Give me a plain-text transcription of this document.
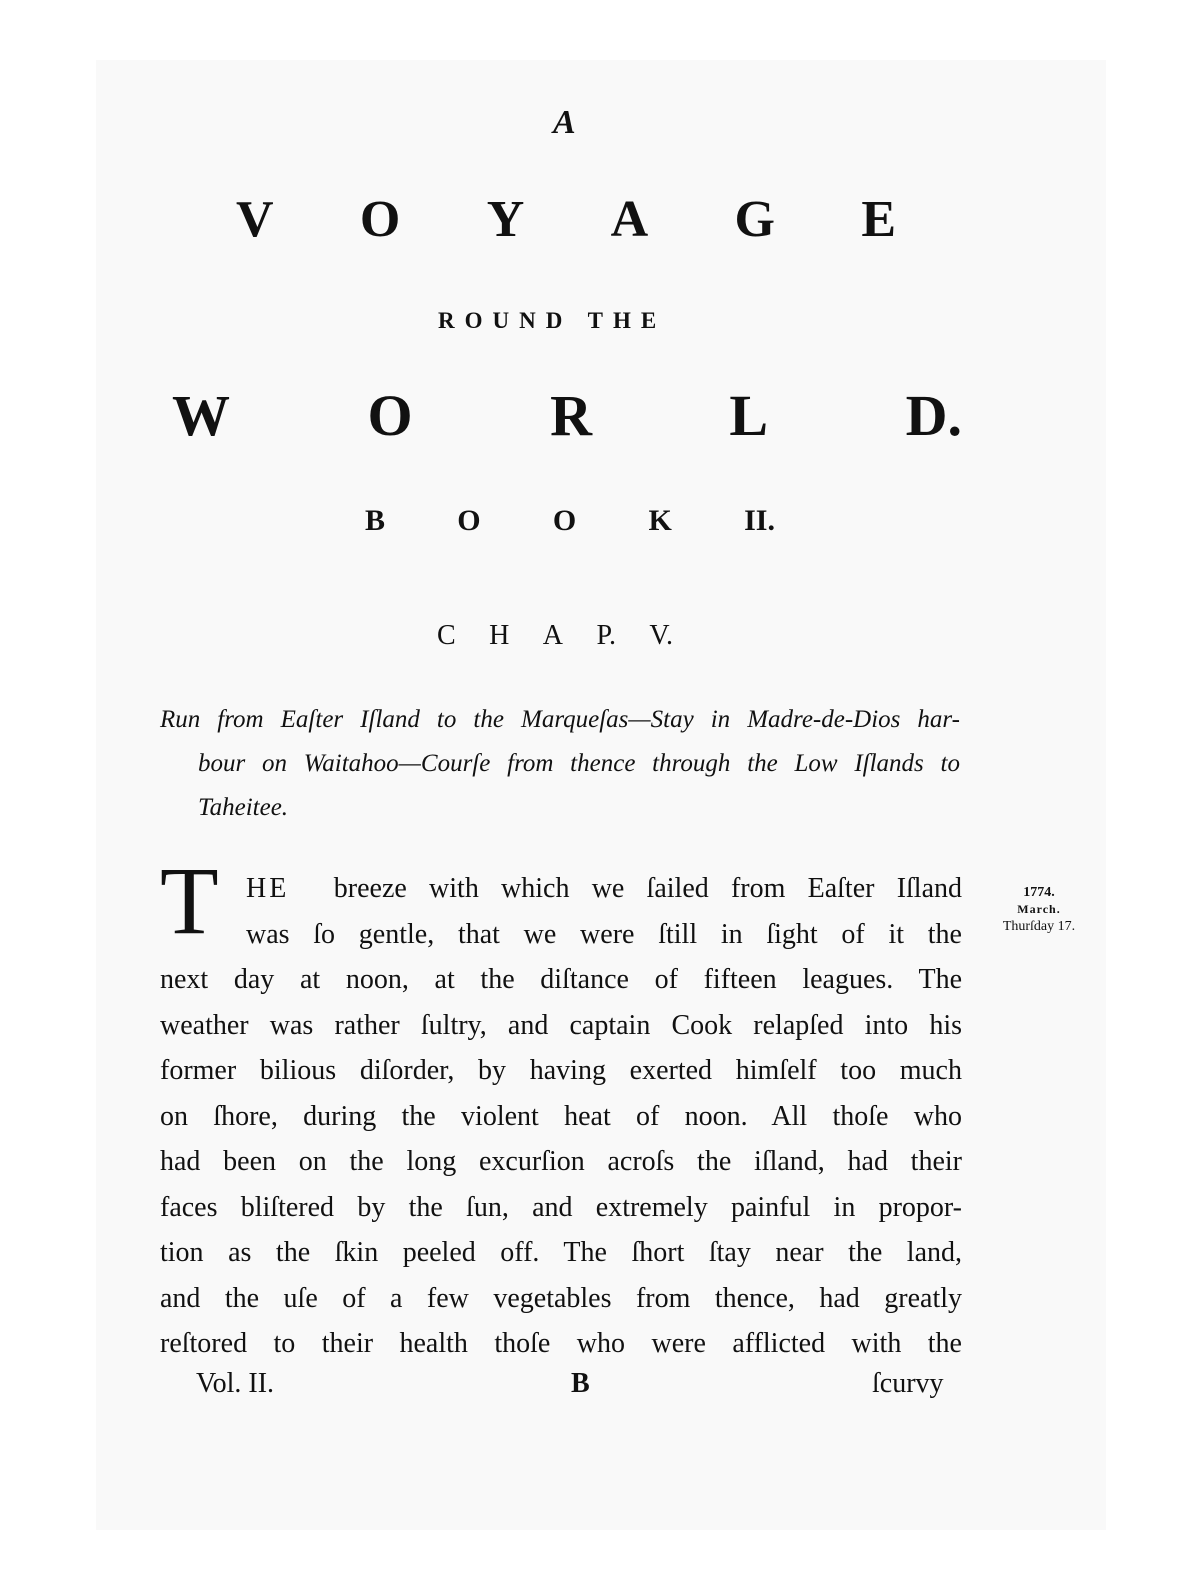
A
V O Y A G E
ROUND THE
W O R L D.
B O O K II.
C H A P. V.
Run from Eaſter Iſland to the Marqueſas—Stay in Madre-de-Dios har-
bour on Waitahoo—Courſe from thence through the Low Iſlands to
Taheitee.
T HE breeze with which we ſailed from Eaſter Iſland
was ſo gentle, that we were ſtill in ſight of it the
next day at noon, at the diſtance of fifteen leagues. The
weather was rather ſultry, and captain Cook relapſed into his
former bilious diſorder, by having exerted himſelf too much
on ſhore, during the violent heat of noon. All thoſe who
had been on the long excurſion acroſs the iſland, had their
faces bliſtered by the ſun, and extremely painful in propor-
tion as the ſkin peeled off. The ſhort ſtay near the land,
and the uſe of a few vegetables from thence, had greatly
reſtored to their health thoſe who were afflicted with the
1774.
March.
Thurſday 17.
Vol. II.	B	ſcurvy
